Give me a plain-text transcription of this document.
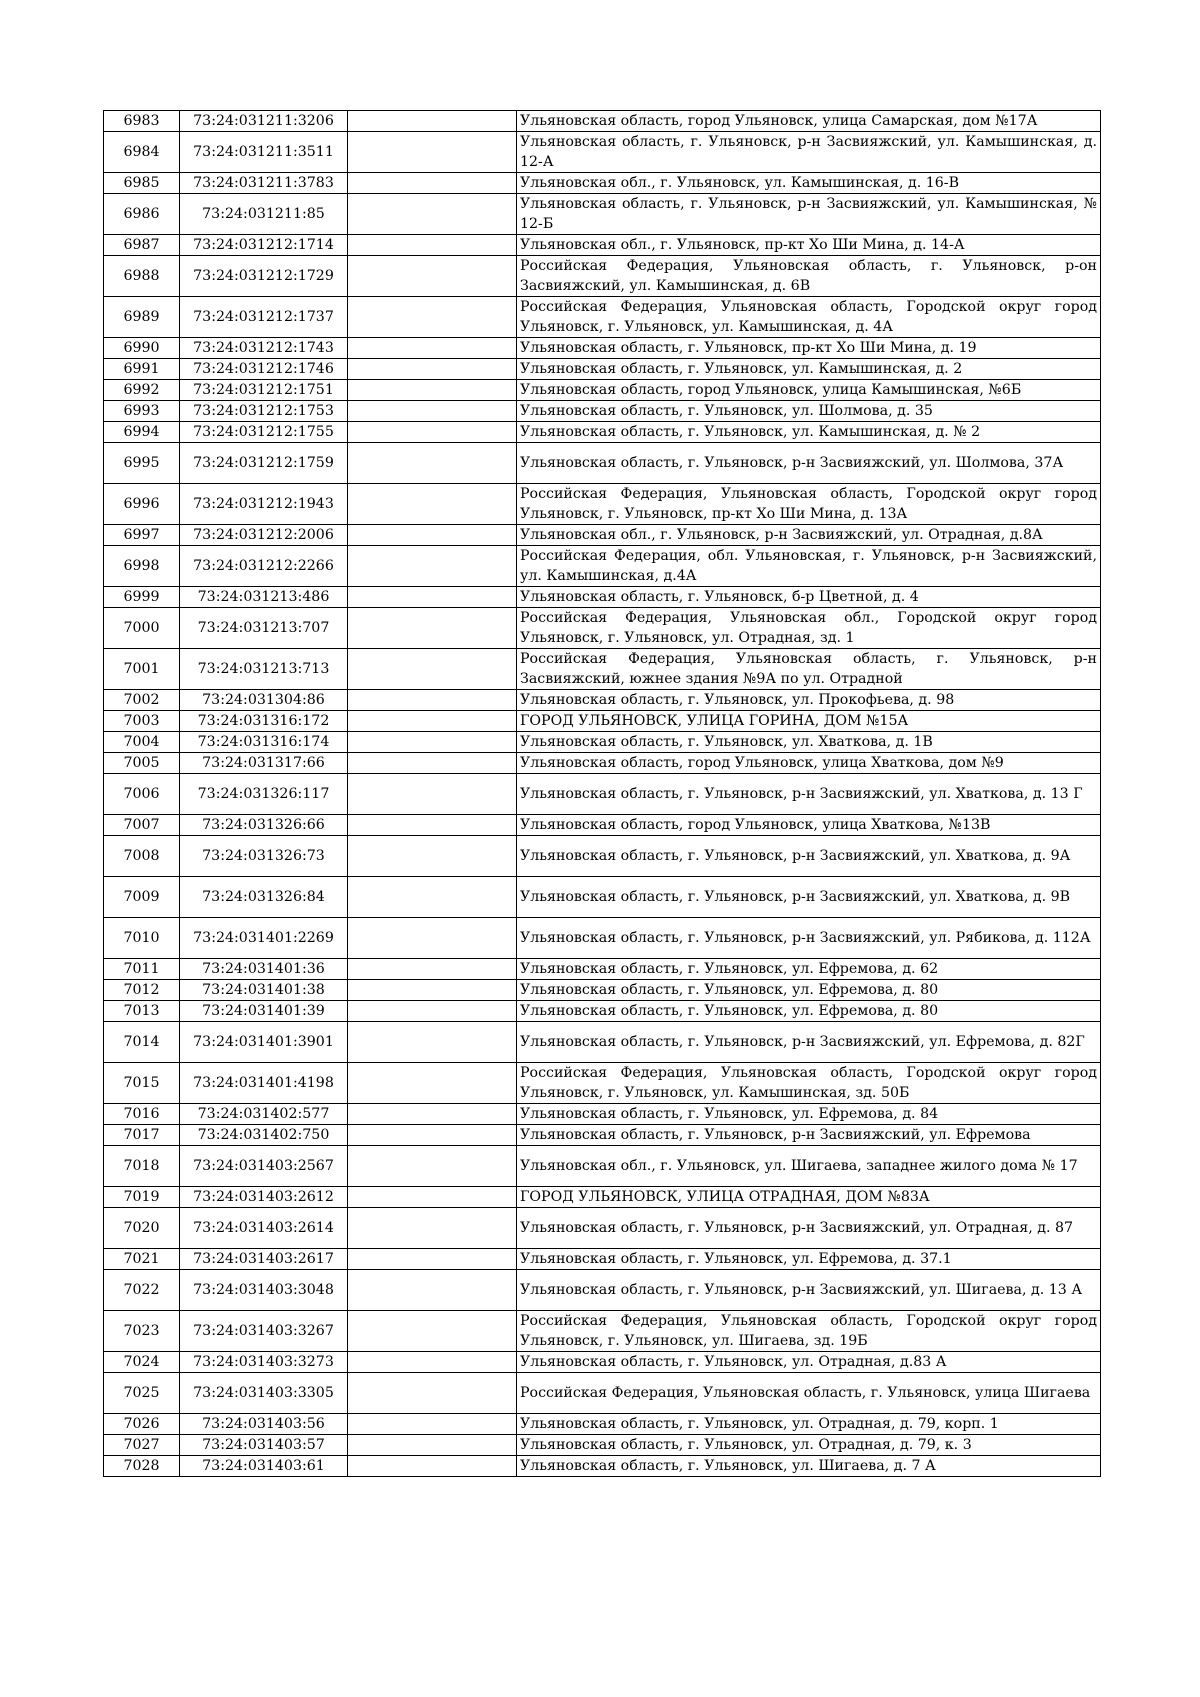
6983	73:24:031211:3206		Ульяновская область, город Ульяновск, улица Самарская, дом №17А
6984	73:24:031211:3511		Ульяновская область, г. Ульяновск, р-н Засвияжский, ул. Камышинская, д. 12-А
6985	73:24:031211:3783		Ульяновская обл., г. Ульяновск, ул. Камышинская, д. 16-В
6986	73:24:031211:85		Ульяновская область, г. Ульяновск, р-н Засвияжский, ул. Камышинская, № 12-Б
6987	73:24:031212:1714		Ульяновская обл., г. Ульяновск, пр-кт Хо Ши Мина, д. 14-А
6988	73:24:031212:1729		Российская Федерация, Ульяновская область, г. Ульяновск, р-он Засвияжский, ул. Камышинская, д. 6В
6989	73:24:031212:1737		Российская Федерация, Ульяновская область, Городской округ город Ульяновск, г. Ульяновск, ул. Камышинская, д. 4А
6990	73:24:031212:1743		Ульяновская область, г. Ульяновск, пр-кт Хо Ши Мина, д. 19
6991	73:24:031212:1746		Ульяновская область, г. Ульяновск, ул. Камышинская, д. 2
6992	73:24:031212:1751		Ульяновская область, город Ульяновск, улица Камышинская, №6Б
6993	73:24:031212:1753		Ульяновская область, г. Ульяновск, ул. Шолмова, д. 35
6994	73:24:031212:1755		Ульяновская область, г. Ульяновск, ул. Камышинская, д. № 2
6995	73:24:031212:1759		Ульяновская область, г. Ульяновск, р-н Засвияжский, ул. Шолмова, 37А
6996	73:24:031212:1943		Российская Федерация, Ульяновская область, Городской округ город Ульяновск, г. Ульяновск, пр-кт Хо Ши Мина, д. 13А
6997	73:24:031212:2006		Ульяновская обл., г. Ульяновск, р-н Засвияжский, ул. Отрадная, д.8А
6998	73:24:031212:2266		Российская Федерация, обл. Ульяновская, г. Ульяновск, р-н Засвияжский, ул. Камышинская, д.4А
6999	73:24:031213:486		Ульяновская область, г. Ульяновск, б-р Цветной, д. 4
7000	73:24:031213:707		Российская Федерация, Ульяновская обл., Городской округ город Ульяновск, г. Ульяновск, ул. Отрадная, зд. 1
7001	73:24:031213:713		Российская Федерация, Ульяновская область, г. Ульяновск, р-н Засвияжский, южнее здания №9А по ул. Отрадной
7002	73:24:031304:86		Ульяновская область, г. Ульяновск, ул. Прокофьева, д. 98
7003	73:24:031316:172		ГОРОД УЛЬЯНОВСК, УЛИЦА ГОРИНА, ДОМ №15А
7004	73:24:031316:174		Ульяновская область, г. Ульяновск, ул. Хваткова, д. 1В
7005	73:24:031317:66		Ульяновская область, город Ульяновск, улица Хваткова, дом №9
7006	73:24:031326:117		Ульяновская область, г. Ульяновск, р-н Засвияжский, ул. Хваткова, д. 13 Г
7007	73:24:031326:66		Ульяновская область, город Ульяновск, улица Хваткова, №13В
7008	73:24:031326:73		Ульяновская область, г. Ульяновск, р-н Засвияжский, ул. Хваткова, д. 9А
7009	73:24:031326:84		Ульяновская область, г. Ульяновск, р-н Засвияжский, ул. Хваткова, д. 9В
7010	73:24:031401:2269		Ульяновская область, г. Ульяновск, р-н Засвияжский, ул. Рябикова, д. 112А
7011	73:24:031401:36		Ульяновская область, г. Ульяновск, ул. Ефремова, д. 62
7012	73:24:031401:38		Ульяновская область, г. Ульяновск, ул. Ефремова, д. 80
7013	73:24:031401:39		Ульяновская область, г. Ульяновск, ул. Ефремова, д. 80
7014	73:24:031401:3901		Ульяновская область, г. Ульяновск, р-н Засвияжский, ул. Ефремова, д. 82Г
7015	73:24:031401:4198		Российская Федерация, Ульяновская область, Городской округ город Ульяновск, г. Ульяновск, ул. Камышинская, зд. 50Б
7016	73:24:031402:577		Ульяновская область, г. Ульяновск, ул. Ефремова, д. 84
7017	73:24:031402:750		Ульяновская область, г. Ульяновск, р-н Засвияжский, ул. Ефремова
7018	73:24:031403:2567		Ульяновская обл., г. Ульяновск, ул. Шигаева, западнее жилого дома № 17
7019	73:24:031403:2612		ГОРОД УЛЬЯНОВСК, УЛИЦА ОТРАДНАЯ, ДОМ №83А
7020	73:24:031403:2614		Ульяновская область, г. Ульяновск, р-н Засвияжский, ул. Отрадная, д. 87
7021	73:24:031403:2617		Ульяновская область, г. Ульяновск, ул. Ефремова, д. 37.1
7022	73:24:031403:3048		Ульяновская область, г. Ульяновск, р-н Засвияжский, ул. Шигаева, д. 13 А
7023	73:24:031403:3267		Российская Федерация, Ульяновская область, Городской округ город Ульяновск, г. Ульяновск, ул. Шигаева, зд. 19Б
7024	73:24:031403:3273		Ульяновская область, г. Ульяновск, ул. Отрадная, д.83 А
7025	73:24:031403:3305		Российская Федерация, Ульяновская область, г. Ульяновск, улица Шигаева
7026	73:24:031403:56		Ульяновская область, г. Ульяновск, ул. Отрадная, д. 79, корп. 1
7027	73:24:031403:57		Ульяновская область, г. Ульяновск, ул. Отрадная, д. 79, к. 3
7028	73:24:031403:61		Ульяновская область, г. Ульяновск, ул. Шигаева, д. 7 А
